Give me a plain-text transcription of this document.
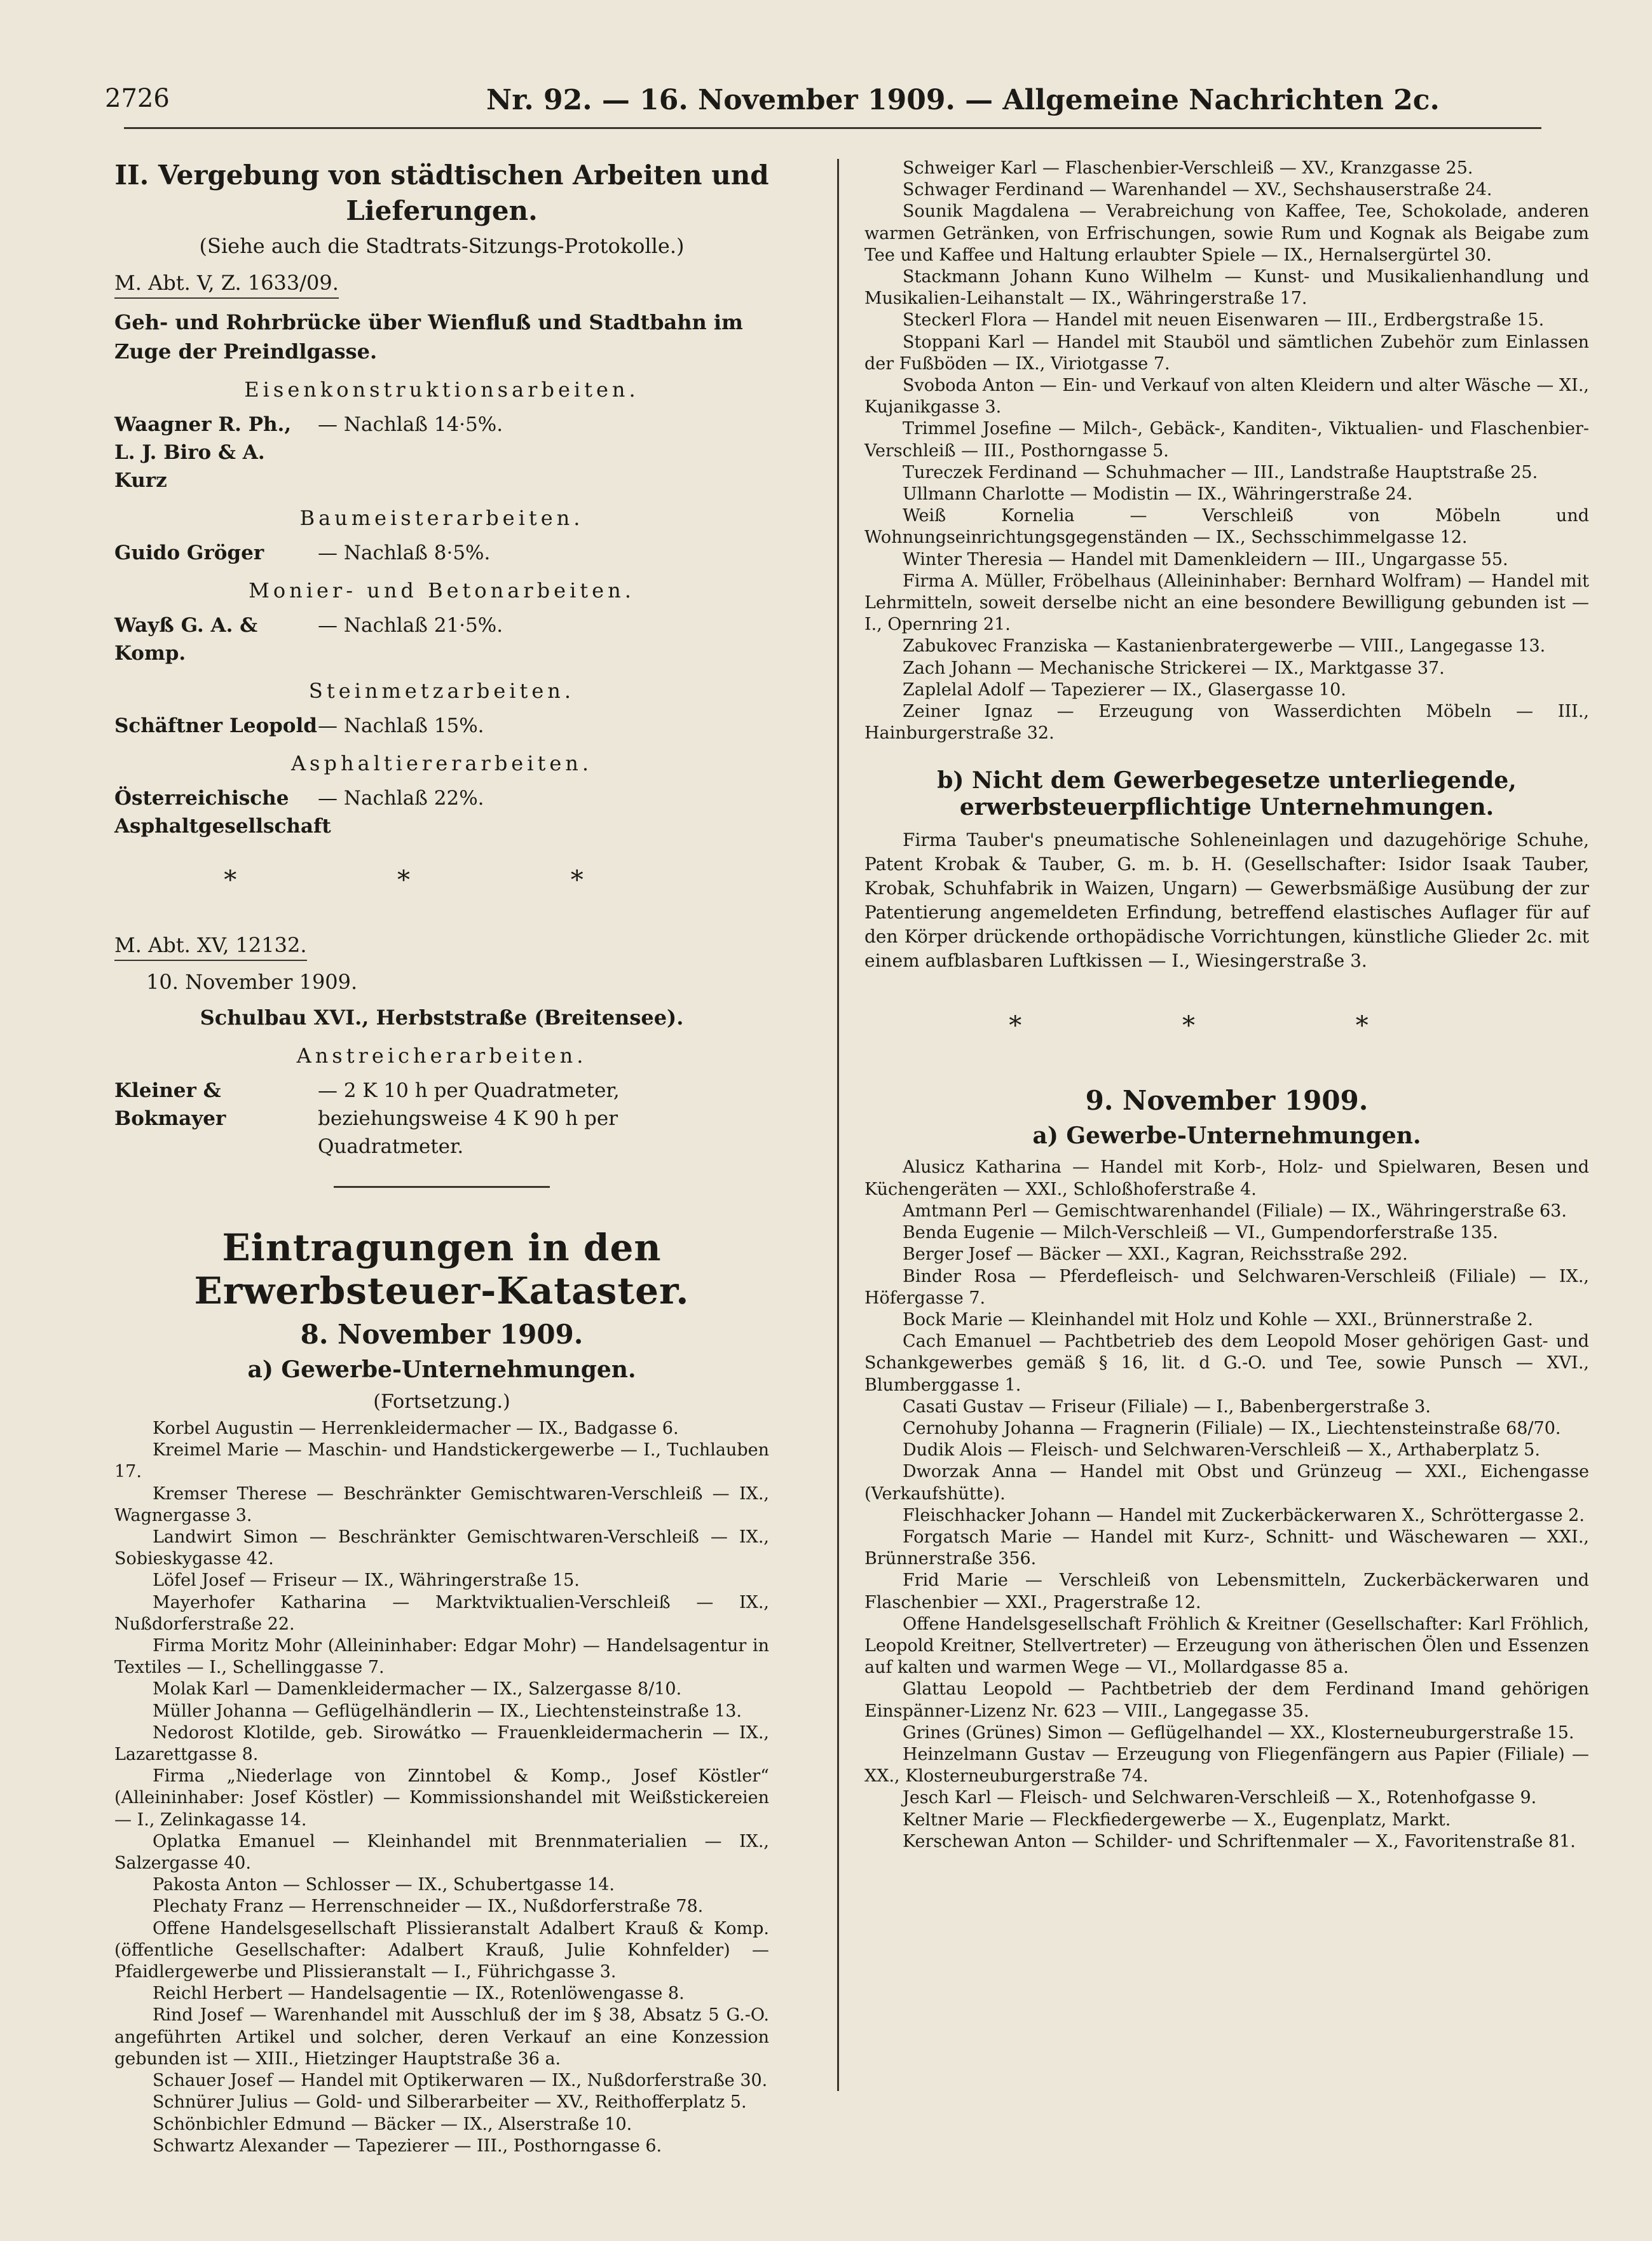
2726	Nr. 92. — 16. November 1909. — Allgemeine Nachrichten 2c.
II. Vergebung von städtischen Arbeiten und Lieferungen.
(Siehe auch die Stadtrats-Sitzungs-Protokolle.)
M. Abt. V, Z. 1633/09.
Geh- und Rohrbrücke über Wienfluß und Stadtbahn im Zuge der Preindlgasse.
Eisenkonstruktionsarbeiten.
Waagner R. Ph., L. J. Biro & A. Kurz
— Nachlaß 14·5%.
Baumeisterarbeiten.
Guido Gröger	— Nachlaß 8·5%.
Monier- und Betonarbeiten.
Wayß G. A. & Komp.
— Nachlaß 21·5%.
Steinmetzarbeiten.
Schäftner Leopold — Nachlaß 15%.
Asphaltiererarbeiten.
Österreichische Asphaltgesellschaft
— Nachlaß 22%.
* * *
M. Abt. XV, 12132.
10. November 1909.
Schulbau XVI., Herbststraße (Breitensee).
Anstreicherarbeiten.
Kleiner & Bokmayer
— 2 K 10 h per Quadratmeter, beziehungsweise 4 K 90 h per Quadratmeter.
Eintragungen in den Erwerbsteuer-Kataster.
8. November 1909.
a) Gewerbe-Unternehmungen.
(Fortsetzung.)

Korbel Augustin — Herrenkleidermacher — IX., Badgasse 6.

Kreimel Marie — Maschin- und Handstickergewerbe — I., Tuchlauben 17.

Kremser Therese — Beschränkter Gemischtwaren-Verschleiß — IX., Wagnergasse 3.

Landwirt Simon — Beschränkter Gemischtwaren-Verschleiß — IX., Sobieskygasse 42.

Löfel Josef — Friseur — IX., Währingerstraße 15.

Mayerhofer Katharina — Marktviktualien-Verschleiß — IX., Nußdorferstraße 22.

Firma Moritz Mohr (Alleininhaber: Edgar Mohr) — Handelsagentur in Textiles — I., Schellinggasse 7.

Molak Karl — Damenkleidermacher — IX., Salzergasse 8/10.

Müller Johanna — Geflügelhändlerin — IX., Liechtensteinstraße 13.

Nedorost Klotilde, geb. Sirowátko — Frauenkleidermacherin — IX., Lazarettgasse 8.

Firma „Niederlage von Zinntobel & Komp., Josef Köstler“ (Alleininhaber: Josef Köstler) — Kommissionshandel mit Weißstickereien — I., Zelinkagasse 14.

Oplatka Emanuel — Kleinhandel mit Brennmaterialien — IX., Salzergasse 40.

Pakosta Anton — Schlosser — IX., Schubertgasse 14.

Plechaty Franz — Herrenschneider — IX., Nußdorferstraße 78.

Offene Handelsgesellschaft Plissieranstalt Adalbert Krauß & Komp. (öffentliche Gesellschafter: Adalbert Krauß, Julie Kohnfelder) — Pfaidlergewerbe und Plissieranstalt — I., Führichgasse 3.

Reichl Herbert — Handelsagentie — IX., Rotenlöwengasse 8.

Rind Josef — Warenhandel mit Ausschluß der im § 38, Absatz 5 G.-O. angeführten Artikel und solcher, deren Verkauf an eine Konzession gebunden ist — XIII., Hietzinger Hauptstraße 36 a.

Schauer Josef — Handel mit Optikerwaren — IX., Nußdorferstraße 30.

Schnürer Julius — Gold- und Silberarbeiter — XV., Reithofferplatz 5.

Schönbichler Edmund — Bäcker — IX., Alserstraße 10.

Schwartz Alexander — Tapezierer — III., Posthorngasse 6.

Schweiger Karl — Flaschenbier-Verschleiß — XV., Kranzgasse 25.

Schwager Ferdinand — Warenhandel — XV., Sechshauserstraße 24.

Sounik Magdalena — Verabreichung von Kaffee, Tee, Schokolade, anderen warmen Getränken, von Erfrischungen, sowie Rum und Kognak als Beigabe zum Tee und Kaffee und Haltung erlaubter Spiele — IX., Hernalsergürtel 30.

Stackmann Johann Kuno Wilhelm — Kunst- und Musikalienhandlung und Musikalien-Leihanstalt — IX., Währingerstraße 17.

Steckerl Flora — Handel mit neuen Eisenwaren — III., Erdbergstraße 15.

Stoppani Karl — Handel mit Stauböl und sämtlichen Zubehör zum Einlassen der Fußböden — IX., Viriotgasse 7.

Svoboda Anton — Ein- und Verkauf von alten Kleidern und alter Wäsche — XI., Kujanikgasse 3.

Trimmel Josefine — Milch-, Gebäck-, Kanditen-, Viktualien- und Flaschenbier-Verschleiß — III., Posthorngasse 5.

Tureczek Ferdinand — Schuhmacher — III., Landstraße Hauptstraße 25.

Ullmann Charlotte — Modistin — IX., Währingerstraße 24.

Weiß Kornelia — Verschleiß von Möbeln und Wohnungseinrichtungsgegenständen — IX., Sechsschimmelgasse 12.

Winter Theresia — Handel mit Damenkleidern — III., Ungargasse 55.

Firma A. Müller, Fröbelhaus (Alleininhaber: Bernhard Wolfram) — Handel mit Lehrmitteln, soweit derselbe nicht an eine besondere Bewilligung gebunden ist — I., Opernring 21.

Zabukovec Franziska — Kastanienbratergewerbe — VIII., Langegasse 13.

Zach Johann — Mechanische Strickerei — IX., Marktgasse 37.

Zaplelal Adolf — Tapezierer — IX., Glasergasse 10.

Zeiner Ignaz — Erzeugung von Wasserdichten Möbeln — III., Hainburgerstraße 32.

b) Nicht dem Gewerbegesetze unterliegende, erwerbsteuerpflichtige Unternehmungen.
Firma Tauber's pneumatische Sohleneinlagen und dazugehörige Schuhe, Patent Krobak & Tauber, G. m. b. H. (Gesellschafter: Isidor Isaak Tauber, Krobak, Schuhfabrik in Waizen, Ungarn) — Gewerbsmäßige Ausübung der zur Patentierung angemeldeten Erfindung, betreffend elastisches Auflager für auf den Körper drückende orthopädische Vorrichtungen, künstliche Glieder 2c. mit einem aufblasbaren Luftkissen — I., Wiesingerstraße 3.
* * *
9. November 1909.
a) Gewerbe-Unternehmungen.

Alusicz Katharina — Handel mit Korb-, Holz- und Spielwaren, Besen und Küchengeräten — XXI., Schloßhoferstraße 4.

Amtmann Perl — Gemischtwarenhandel (Filiale) — IX., Währingerstraße 63.

Benda Eugenie — Milch-Verschleiß — VI., Gumpendorferstraße 135.

Berger Josef — Bäcker — XXI., Kagran, Reichsstraße 292.

Binder Rosa — Pferdefleisch- und Selchwaren-Verschleiß (Filiale) — IX., Höfergasse 7.

Bock Marie — Kleinhandel mit Holz und Kohle — XXI., Brünnerstraße 2.

Cach Emanuel — Pachtbetrieb des dem Leopold Moser gehörigen Gast- und Schankgewerbes gemäß § 16, lit. d G.-O. und Tee, sowie Punsch — XVI., Blumberggasse 1.

Casati Gustav — Friseur (Filiale) — I., Babenbergerstraße 3.

Cernohuby Johanna — Fragnerin (Filiale) — IX., Liechtensteinstraße 68/70.

Dudik Alois — Fleisch- und Selchwaren-Verschleiß — X., Arthaberplatz 5.

Dworzak Anna — Handel mit Obst und Grünzeug — XXI., Eichengasse (Verkaufshütte).

Fleischhacker Johann — Handel mit Zuckerbäckerwaren X., Schröttergasse 2.

Forgatsch Marie — Handel mit Kurz-, Schnitt- und Wäschewaren — XXI., Brünnerstraße 356.

Frid Marie — Verschleiß von Lebensmitteln, Zuckerbäckerwaren und Flaschenbier — XXI., Pragerstraße 12.

Offene Handelsgesellschaft Fröhlich & Kreitner (Gesellschafter: Karl Fröhlich, Leopold Kreitner, Stellvertreter) — Erzeugung von ätherischen Ölen und Essenzen auf kalten und warmen Wege — VI., Mollardgasse 85 a.

Glattau Leopold — Pachtbetrieb der dem Ferdinand Imand gehörigen Einspänner-Lizenz Nr. 623 — VIII., Langegasse 35.

Grines (Grünes) Simon — Geflügelhandel — XX., Klosterneuburgerstraße 15.

Heinzelmann Gustav — Erzeugung von Fliegenfängern aus Papier (Filiale) — XX., Klosterneuburgerstraße 74.

Jesch Karl — Fleisch- und Selchwaren-Verschleiß — X., Rotenhofgasse 9.

Keltner Marie — Fleckfiedergewerbe — X., Eugenplatz, Markt.

Kerschewan Anton — Schilder- und Schriftenmaler — X., Favoritenstraße 81.
